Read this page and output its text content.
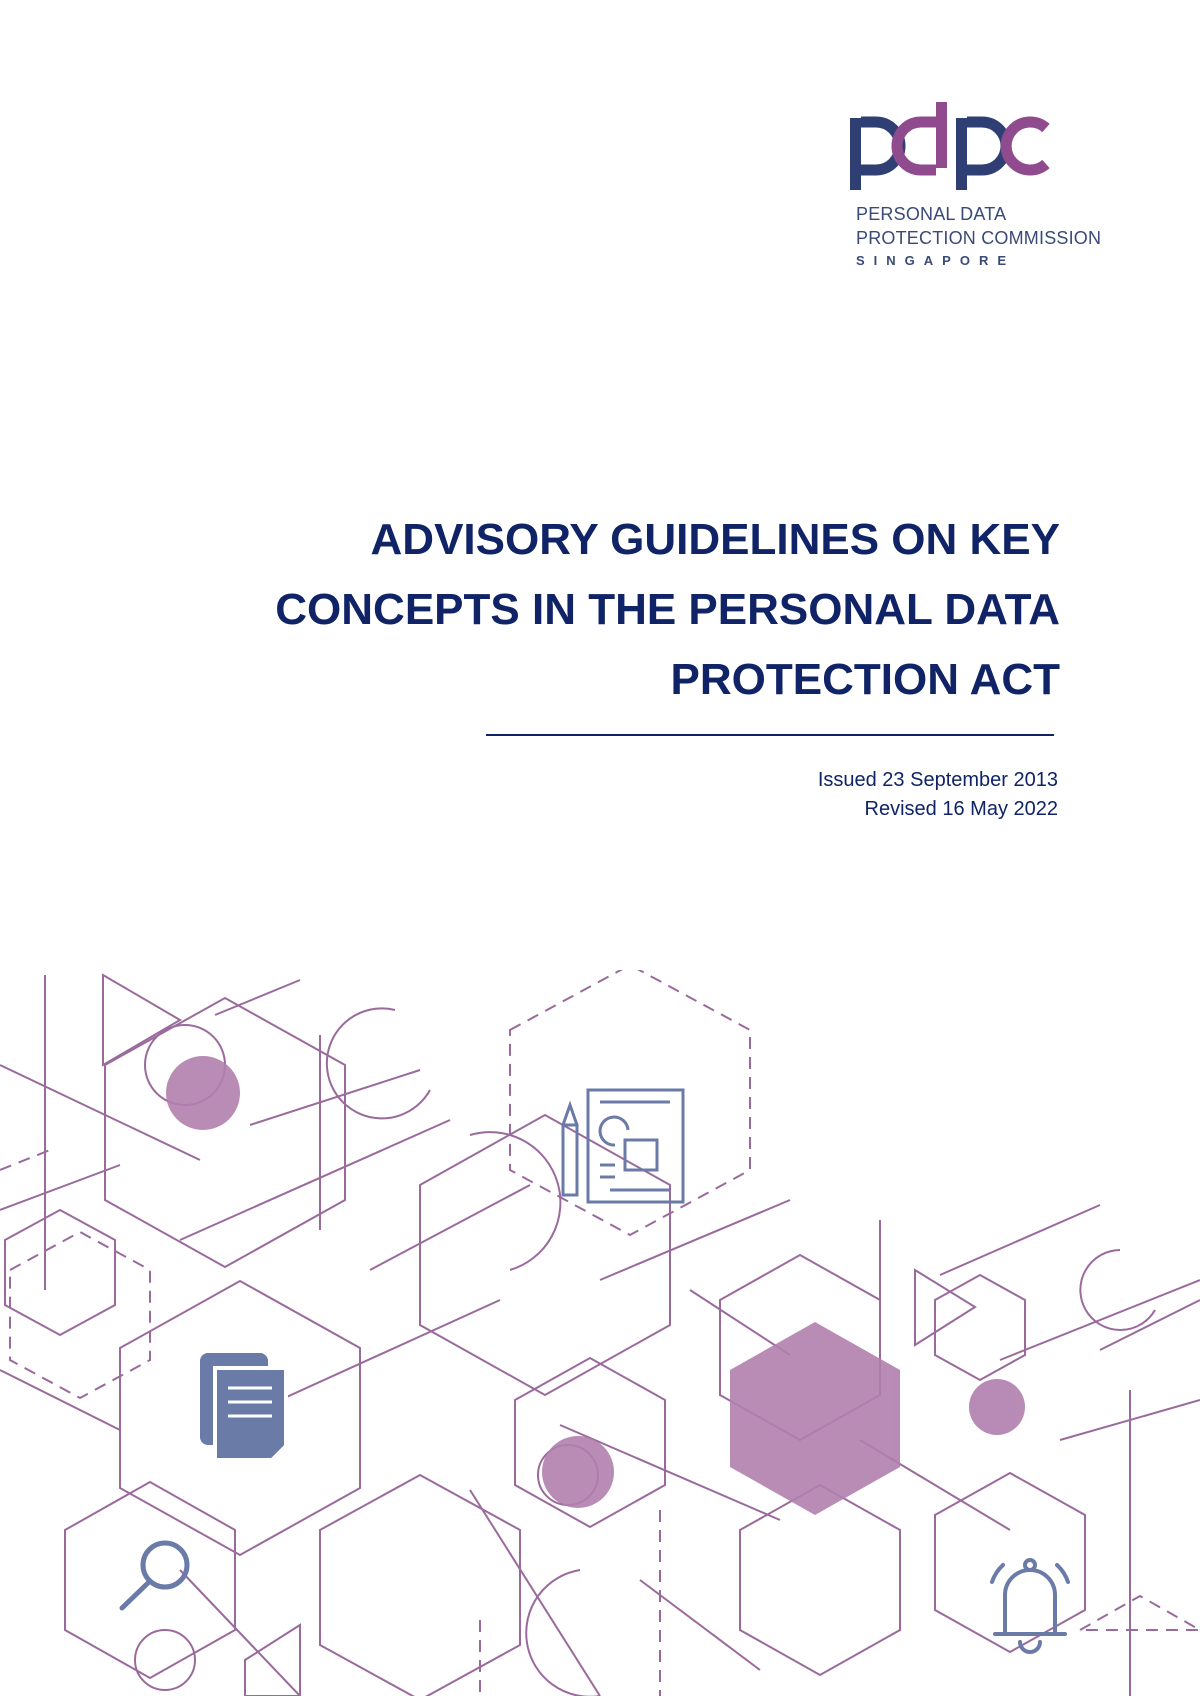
PERSONAL DATA
PROTECTION COMMISSION
SINGAPORE
ADVISORY GUIDELINES ON KEY
CONCEPTS IN THE PERSONAL DATA
PROTECTION ACT
Issued 23 September 2013
Revised 16 May 2022
